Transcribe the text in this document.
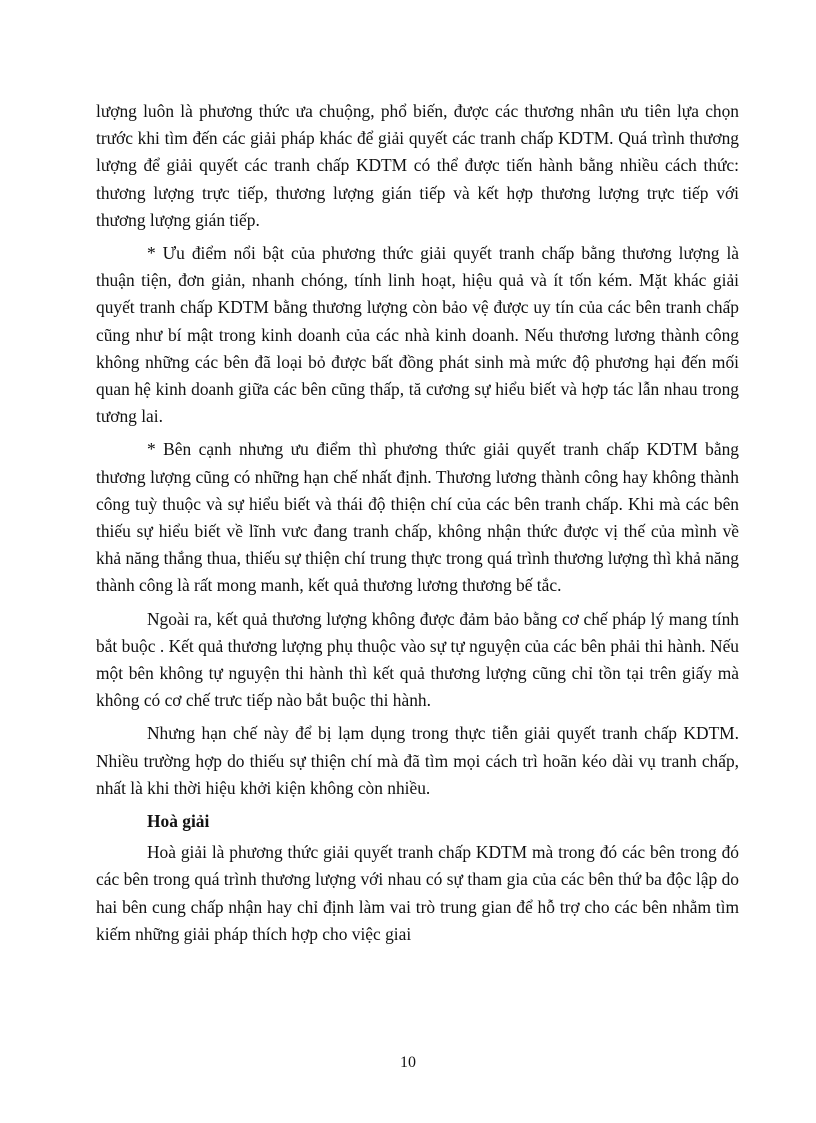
lượng luôn là phương thức ưa chuộng, phổ biến, được các thương nhân ưu tiên lựa chọn trước khi tìm đến các giải pháp khác để giải quyết các tranh chấp KDTM. Quá trình thương lượng để giải quyết các tranh chấp KDTM có thể được tiến hành bằng nhiều cách thức: thương lượng trực tiếp, thương lượng gián tiếp và kết hợp thương lượng trực tiếp với thương lượng gián tiếp.

* Ưu điểm nổi bật của phương thức giải quyết tranh chấp bằng thương lượng là thuận tiện, đơn giản, nhanh chóng, tính linh hoạt, hiệu quả và ít tốn kém. Mặt khác giải quyết tranh chấp KDTM bằng thương lượng còn bảo vệ được uy tín của các bên tranh chấp cũng như bí mật trong kinh doanh của các nhà kinh doanh. Nếu thương lương thành công không những các bên đã loại bỏ được bất đồng phát sinh mà mức độ phương hại đến mối quan hệ kinh doanh giữa các bên cũng thấp, tă cương sự hiểu biết và hợp tác lẫn nhau trong tương lai.

* Bên cạnh nhưng ưu điểm thì phương thức giải quyết tranh chấp KDTM bằng thương lượng cũng có những hạn chế nhất định. Thương lương thành công hay không thành công tuỳ thuộc và sự hiểu biết và thái độ thiện chí của các bên tranh chấp. Khi mà các bên thiếu sự hiểu biết về lĩnh vưc đang tranh chấp, không nhận thức được vị thế của mình về khả năng thắng thua, thiếu sự thiện chí trung thực trong quá trình thương lượng thì khả năng thành công là rất mong manh, kết quả thương lương thương bế tắc.

Ngoài ra, kết quả thương lượng không được đảm bảo bằng cơ chế pháp lý mang tính bắt buộc . Kết quả thương lượng phụ thuộc vào sự tự nguyện của các bên phải thi hành. Nếu một bên không tự nguyện thi hành thì kết quả thương lượng cũng chỉ tồn tại trên giấy mà không có cơ chế trưc tiếp nào bắt buộc thi hành.

Nhưng hạn chế này để bị lạm dụng trong thực tiễn giải quyết tranh chấp KDTM. Nhiều trường hợp do thiếu sự thiện chí mà đã tìm mọi cách trì hoãn kéo dài vụ tranh chấp, nhất là khi thời hiệu khởi kiện không còn nhiều.

Hoà giải

Hoà giải là phương thức giải quyết tranh chấp KDTM mà trong đó các bên trong đó các bên trong quá trình thương lượng với nhau có sự tham gia của các bên thứ ba độc lập do hai bên cung chấp nhận hay chỉ định làm vai trò trung gian để hỗ trợ cho các bên nhằm tìm kiếm những giải pháp thích hợp cho việc giai

10
